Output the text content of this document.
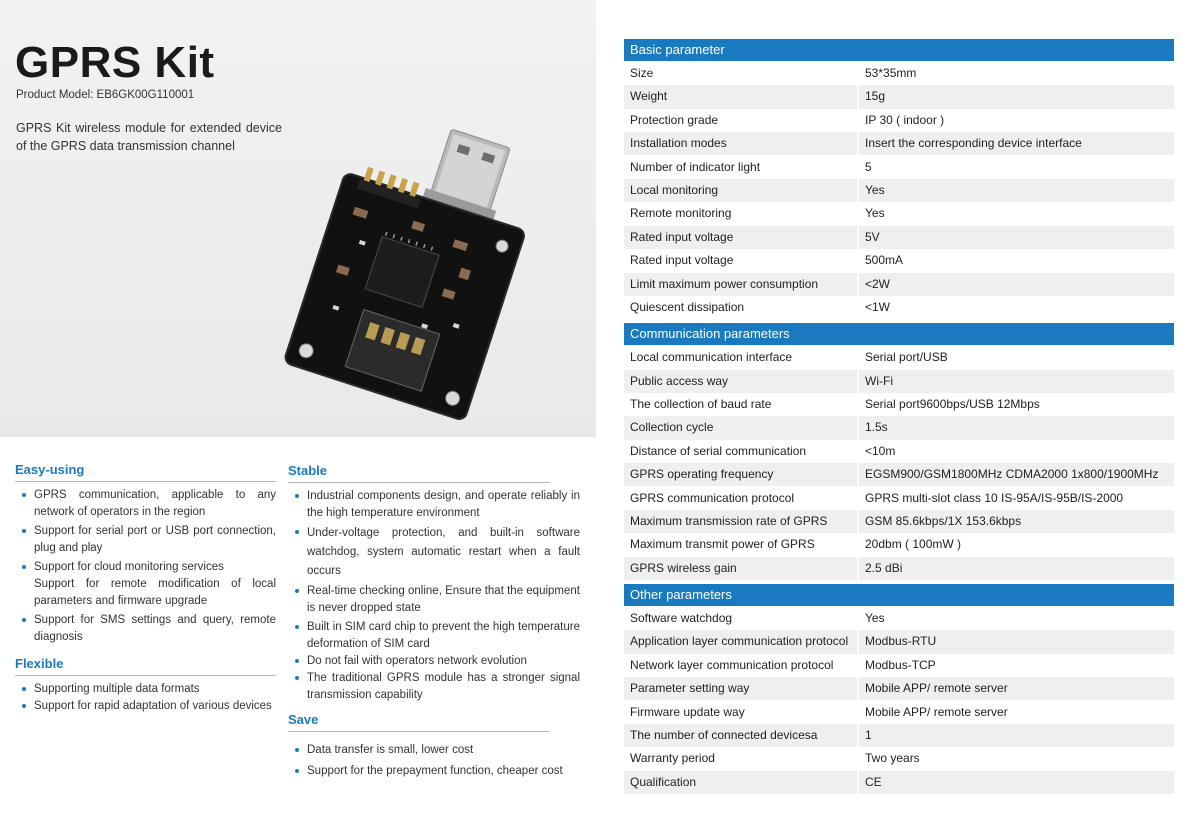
GPRS Kit
Product Model: EB6GK00G110001
GPRS Kit wireless module for extended device of the GPRS data transmission channel
Easy-using
GPRS communication, applicable to any network of operators in the region
Support for serial port or USB port connection, plug and play
Support for cloud monitoring services
Support for remote modification of local parameters and firmware upgrade
Support for SMS settings and query, remote diagnosis
Flexible
Supporting multiple data formats
Support for rapid adaptation of various devices
Stable
Industrial components design, and operate reliably in the high temperature environment
Under-voltage protection, and built-in software watchdog, system automatic restart when a fault occurs
Real-time checking online, Ensure that the equipment is never dropped state
Built in SIM card chip to prevent the high temperature deformation of SIM card
Do not fail with operators network evolution
The traditional GPRS module has a stronger signal transmission capability
Save
Data transfer is small, lower cost
Support for the prepayment function, cheaper cost
Basic parameter
Size	53*35mm
Weight	15g
Protection grade	IP 30 ( indoor )
Installation modes	Insert the corresponding device interface
Number of indicator light	5
Local monitoring	Yes
Remote monitoring	Yes
Rated input voltage	5V
Rated input voltage	500mA
Limit maximum power consumption	<2W
Quiescent dissipation	<1W
Communication parameters
Local communication interface	Serial port/USB
Public access way	Wi-Fi
The collection of baud rate	Serial port9600bps/USB 12Mbps
Collection cycle	1.5s
Distance of serial communication	<10m
GPRS operating frequency	EGSM900/GSM1800MHz CDMA2000 1x800/1900MHz
GPRS communication protocol	GPRS multi-slot class 10 IS-95A/IS-95B/IS-2000
Maximum transmission rate of GPRS	GSM 85.6kbps/1X 153.6kbps
Maximum transmit power of GPRS	20dbm ( 100mW )
GPRS wireless gain	2.5 dBi
Other parameters
Software watchdog	Yes
Application layer communication protocol	Modbus-RTU
Network layer communication protocol	Modbus-TCP
Parameter setting way	Mobile APP/ remote server
Firmware update way	Mobile APP/ remote server
The number of connected devicesa	1
Warranty period	Two years
Qualification	CE
